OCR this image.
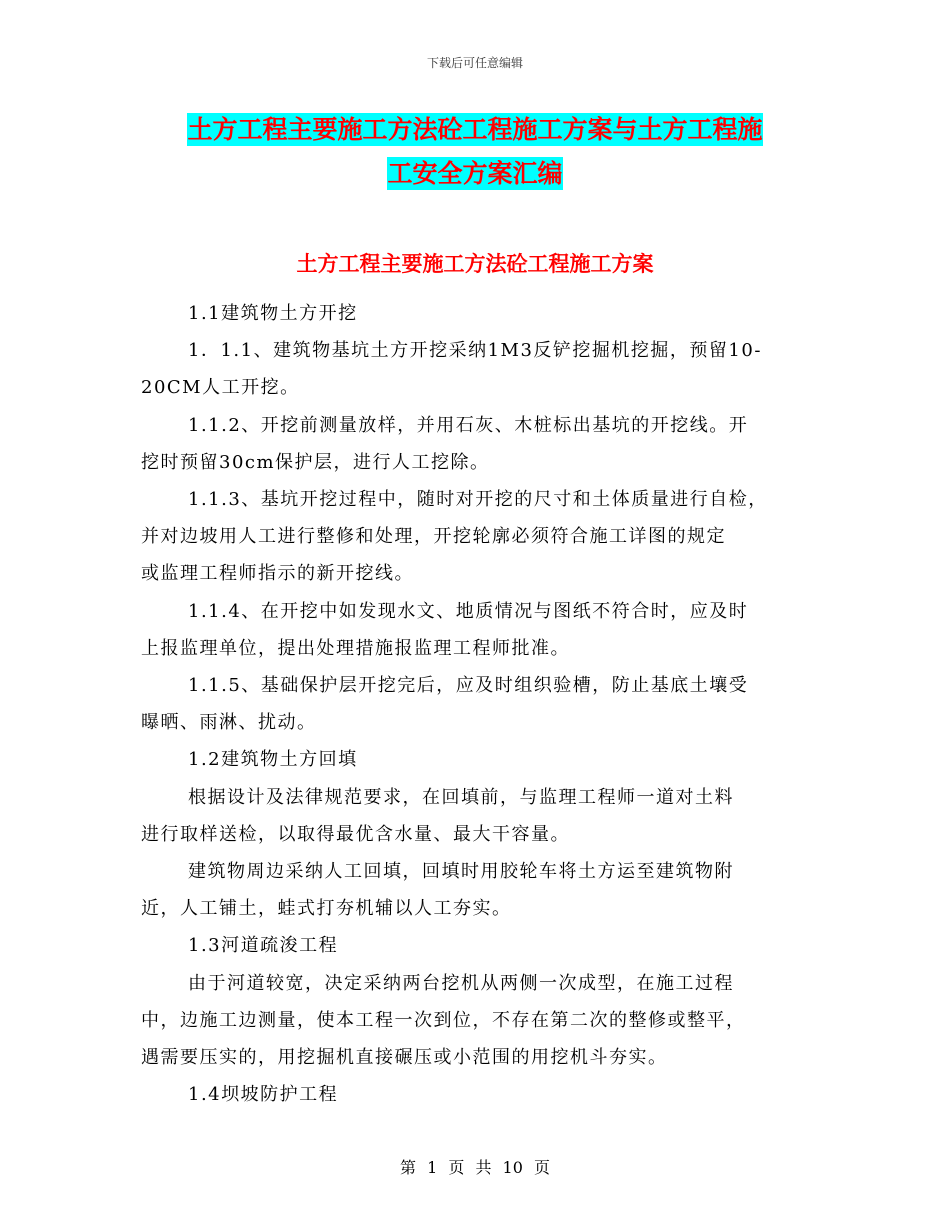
下载后可任意编辑
土方工程主要施工方法砼工程施工方案与土方工程施
工安全方案汇编
土方工程主要施工方法砼工程施工方案

1.1建筑物土方开挖

1．1.1、建筑物基坑土方开挖采纳1M3反铲挖掘机挖掘，预留10-

20CM人工开挖。

1.1.2、开挖前测量放样，并用石灰、木桩标出基坑的开挖线。开

挖时预留30cm保护层，进行人工挖除。

1.1.3、基坑开挖过程中，随时对开挖的尺寸和土体质量进行自检，

并对边坡用人工进行整修和处理，开挖轮廓必须符合施工详图的规定

或监理工程师指示的新开挖线。

1.1.4、在开挖中如发现水文、地质情况与图纸不符合时，应及时

上报监理单位，提出处理措施报监理工程师批准。

1.1.5、基础保护层开挖完后，应及时组织验槽，防止基底土壤受

曝晒、雨淋、扰动。

1.2建筑物土方回填

根据设计及法律规范要求，在回填前，与监理工程师一道对土料

进行取样送检，以取得最优含水量、最大干容量。

建筑物周边采纳人工回填，回填时用胶轮车将土方运至建筑物附

近，人工铺土，蛙式打夯机辅以人工夯实。

1.3河道疏浚工程

由于河道较宽，决定采纳两台挖机从两侧一次成型，在施工过程

中，边施工边测量，使本工程一次到位，不存在第二次的整修或整平，

遇需要压实的，用挖掘机直接碾压或小范围的用挖机斗夯实。

1.4坝坡防护工程

第 1 页 共 10 页
